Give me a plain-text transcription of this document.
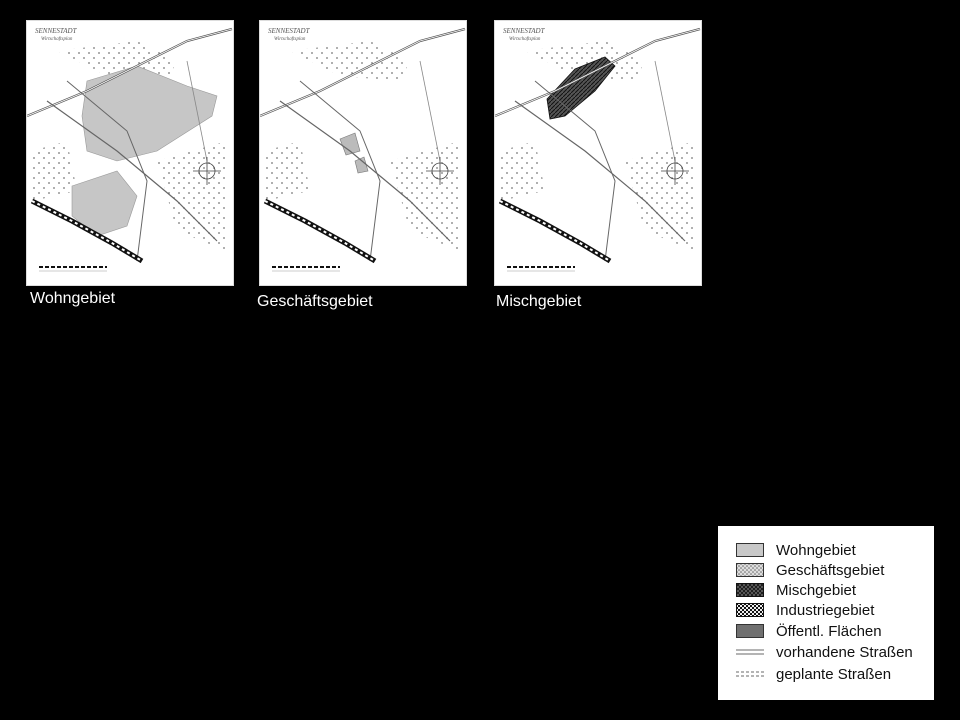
SENNESTADT
Wirtschaftsplan
Wohngebiet
SENNESTADT
Wirtschaftsplan
Geschäftsgebiet
SENNESTADT
Wirtschaftsplan
Mischgebiet
Wohngebiet
Geschäftsgebiet
Mischgebiet
Industriegebiet
Öffentl. Flächen
vorhandene Straßen
geplante Straßen
